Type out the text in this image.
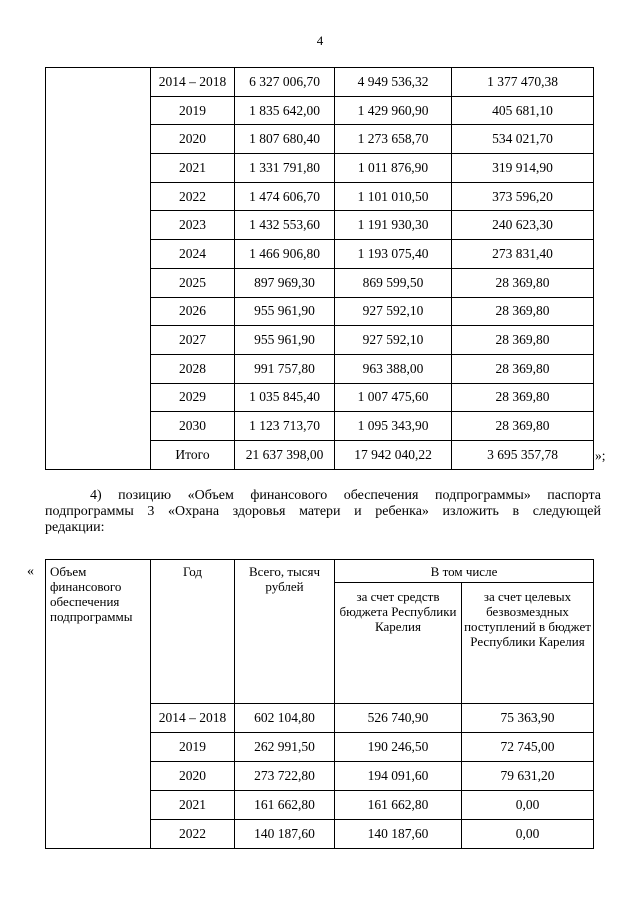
4
	2014 – 2018	6 327 006,70	4 949 536,32	1 377 470,38
	2019	1 835 642,00	1 429 960,90	405 681,10
	2020	1 807 680,40	1 273 658,70	534 021,70
	2021	1 331 791,80	1 011 876,90	319 914,90
	2022	1 474 606,70	1 101 010,50	373 596,20
	2023	1 432 553,60	1 191 930,30	240 623,30
	2024	1 466 906,80	1 193 075,40	273 831,40
	2025	897 969,30	869 599,50	28 369,80
	2026	955 961,90	927 592,10	28 369,80
	2027	955 961,90	927 592,10	28 369,80
	2028	991 757,80	963 388,00	28 369,80
	2029	1 035 845,40	1 007 475,60	28 369,80
	2030	1 123 713,70	1 095 343,90	28 369,80
	Итого	21 637 398,00	17 942 040,22	3 695 357,78	»;
4) позицию «Объем финансового обеспечения подпрограммы» паспорта
подпрограммы 3 «Охрана здоровья матери и ребенка» изложить в следующей
редакции:
« Объем финансового обеспечения подпрограммы	Год	Всего, тысяч рублей	В том числе	
			за счет средств бюджета Республики Карелия	за счет целевых безвозмездных поступлений в бюджет Республики Карелия
	2014 – 2018	602 104,80	526 740,90	75 363,90
	2019	262 991,50	190 246,50	72 745,00
	2020	273 722,80	194 091,60	79 631,20
	2021	161 662,80	161 662,80	0,00
	2022	140 187,60	140 187,60	0,00
